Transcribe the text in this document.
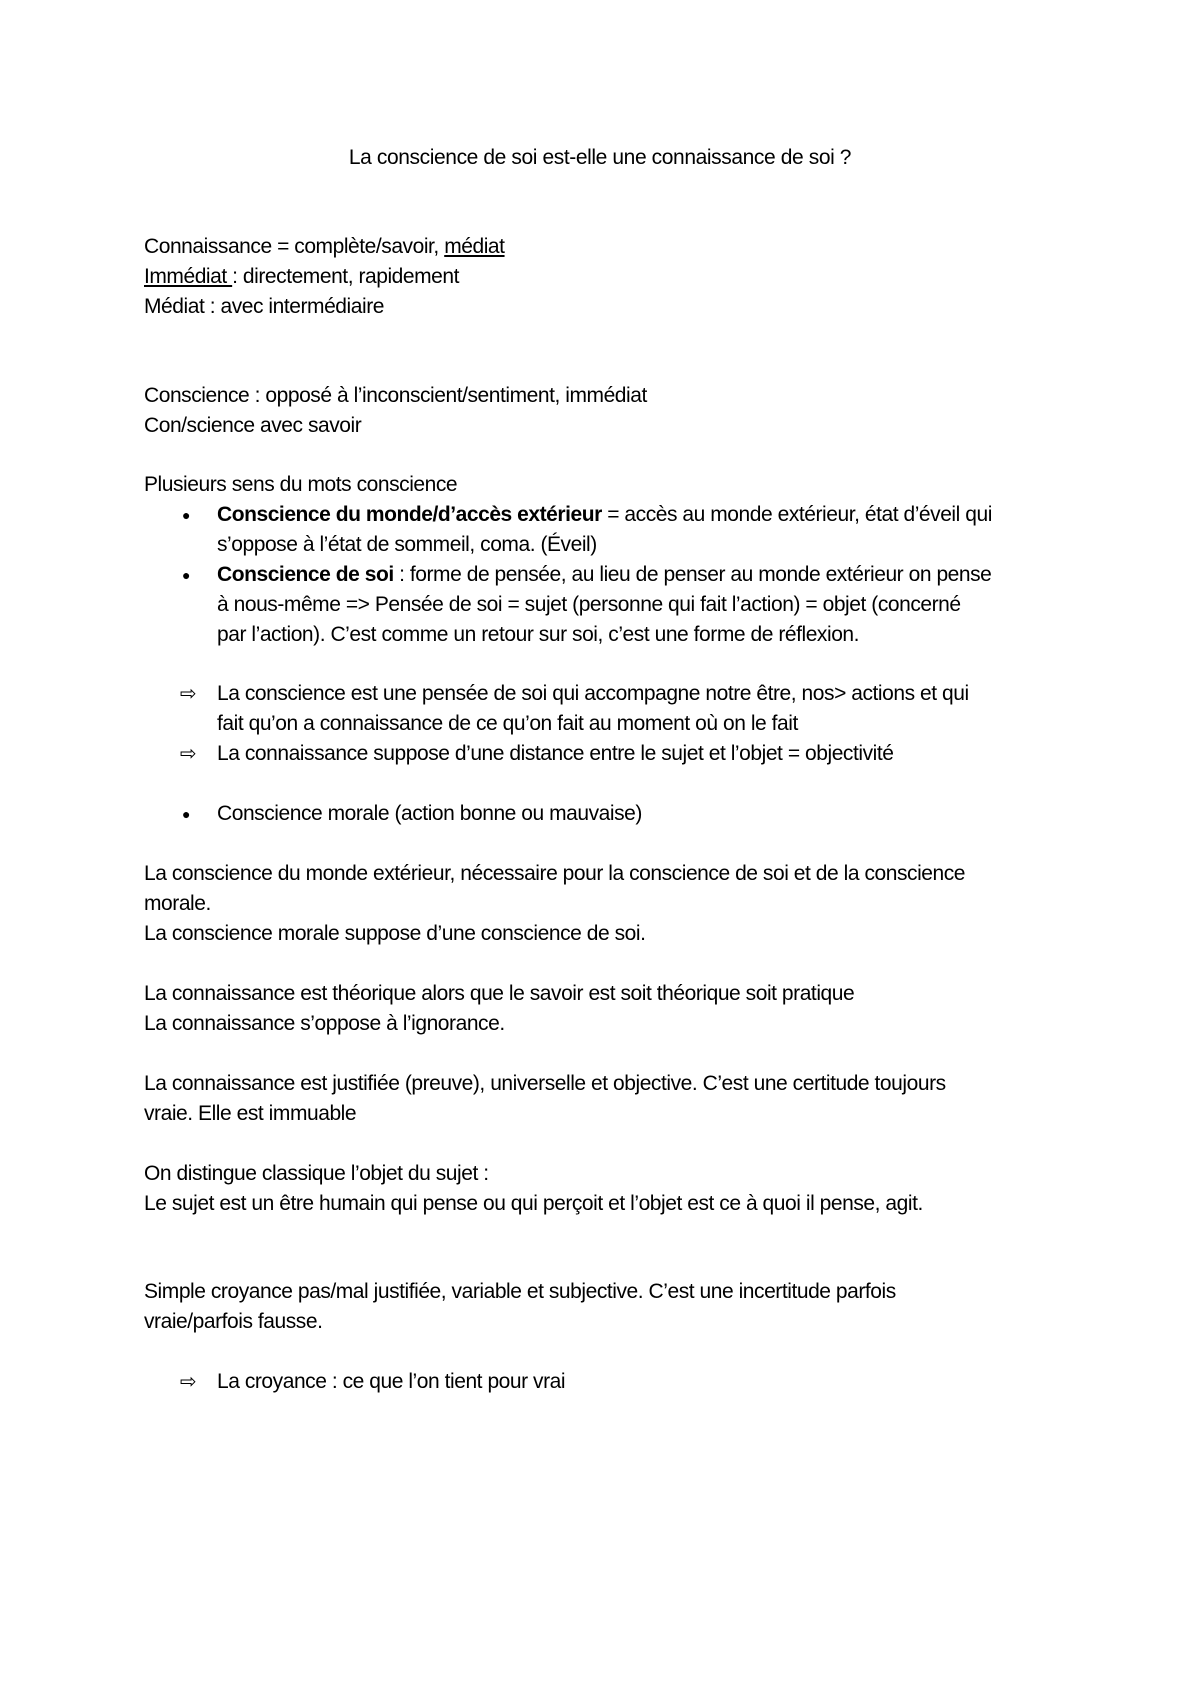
La conscience de soi est-elle une connaissance de soi ?
Connaissance = complète/savoir, médiat
Immédiat : directement, rapidement
Médiat : avec intermédiaire
Conscience : opposé à l’inconscient/sentiment, immédiat
Con/science avec savoir
Plusieurs sens du mots conscience
● Conscience du monde/d’accès extérieur = accès au monde extérieur, état d’éveil qui
s’oppose à l’état de sommeil, coma. (Éveil)
● Conscience de soi : forme de pensée, au lieu de penser au monde extérieur on pense
à nous-même => Pensée de soi = sujet (personne qui fait l’action) = objet (concerné
par l’action). C’est comme un retour sur soi, c’est une forme de réflexion.
⇨ La conscience est une pensée de soi qui accompagne notre être, nos> actions et qui
fait qu’on a connaissance de ce qu’on fait au moment où on le fait
⇨ La connaissance suppose d’une distance entre le sujet et l’objet = objectivité
● Conscience morale (action bonne ou mauvaise)
La conscience du monde extérieur, nécessaire pour la conscience de soi et de la conscience
morale.
La conscience morale suppose d’une conscience de soi.
La connaissance est théorique alors que le savoir est soit théorique soit pratique
La connaissance s’oppose à l’ignorance.
La connaissance est justifiée (preuve), universelle et objective. C’est une certitude toujours
vraie. Elle est immuable
On distingue classique l’objet du sujet :
Le sujet est un être humain qui pense ou qui perçoit et l’objet est ce à quoi il pense, agit.
Simple croyance pas/mal justifiée, variable et subjective. C’est une incertitude parfois
vraie/parfois fausse.
⇨ La croyance : ce que l’on tient pour vrai
